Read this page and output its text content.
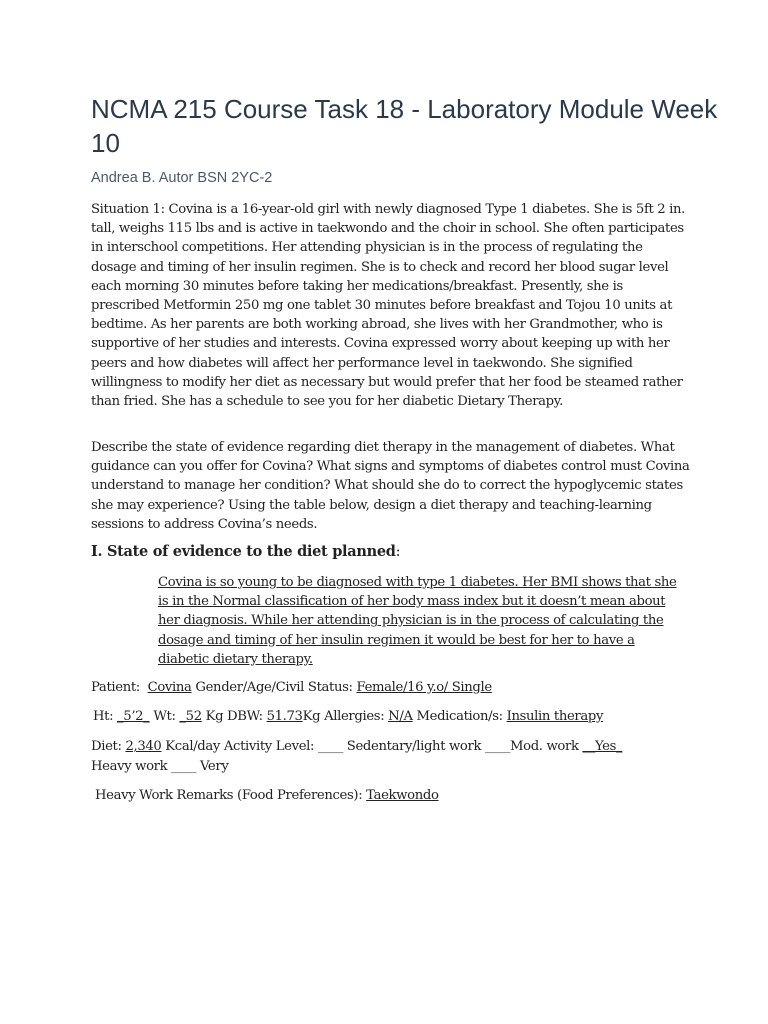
NCMA 215 Course Task 18 - Laboratory Module Week 10
Andrea B. Autor BSN 2YC-2

Situation 1: Covina is a 16-year-old girl with newly diagnosed Type 1 diabetes. She is 5ft 2 in. tall, weighs 115 lbs and is active in taekwondo and the choir in school. She often participates in interschool competitions. Her attending physician is in the process of regulating the dosage and timing of her insulin regimen. She is to check and record her blood sugar level each morning 30 minutes before taking her medications/breakfast. Presently, she is prescribed Metformin 250 mg one tablet 30 minutes before breakfast and Tojou 10 units at bedtime. As her parents are both working abroad, she lives with her Grandmother, who is supportive of her studies and interests. Covina expressed worry about keeping up with her peers and how diabetes will affect her performance level in taekwondo. She signified willingness to modify her diet as necessary but would prefer that her food be steamed rather than fried. She has a schedule to see you for her diabetic Dietary Therapy.

Describe the state of evidence regarding diet therapy in the management of diabetes. What guidance can you offer for Covina? What signs and symptoms of diabetes control must Covina understand to manage her condition? What should she do to correct the hypoglycemic states she may experience? Using the table below, design a diet therapy and teaching-learning sessions to address Covina’s needs.

I. State of evidence to the diet planned:

Covina is so young to be diagnosed with type 1 diabetes. Her BMI shows that she is in the Normal classification of her body mass index but it doesn’t mean about her diagnosis. While her attending physician is in the process of calculating the dosage and timing of her insulin regimen it would be best for her to have a diabetic dietary therapy.

Patient: Covina Gender/Age/Civil Status: Female/16 y.o/ Single
Ht: _5’2_ Wt: _52 Kg DBW: 51.73Kg Allergies: N/A Medication/s: Insulin therapy
Diet: 2,340 Kcal/day Activity Level: ____ Sedentary/light work ____Mod. work __Yes_
Heavy work ____ Very
Heavy Work Remarks (Food Preferences): Taekwondo
